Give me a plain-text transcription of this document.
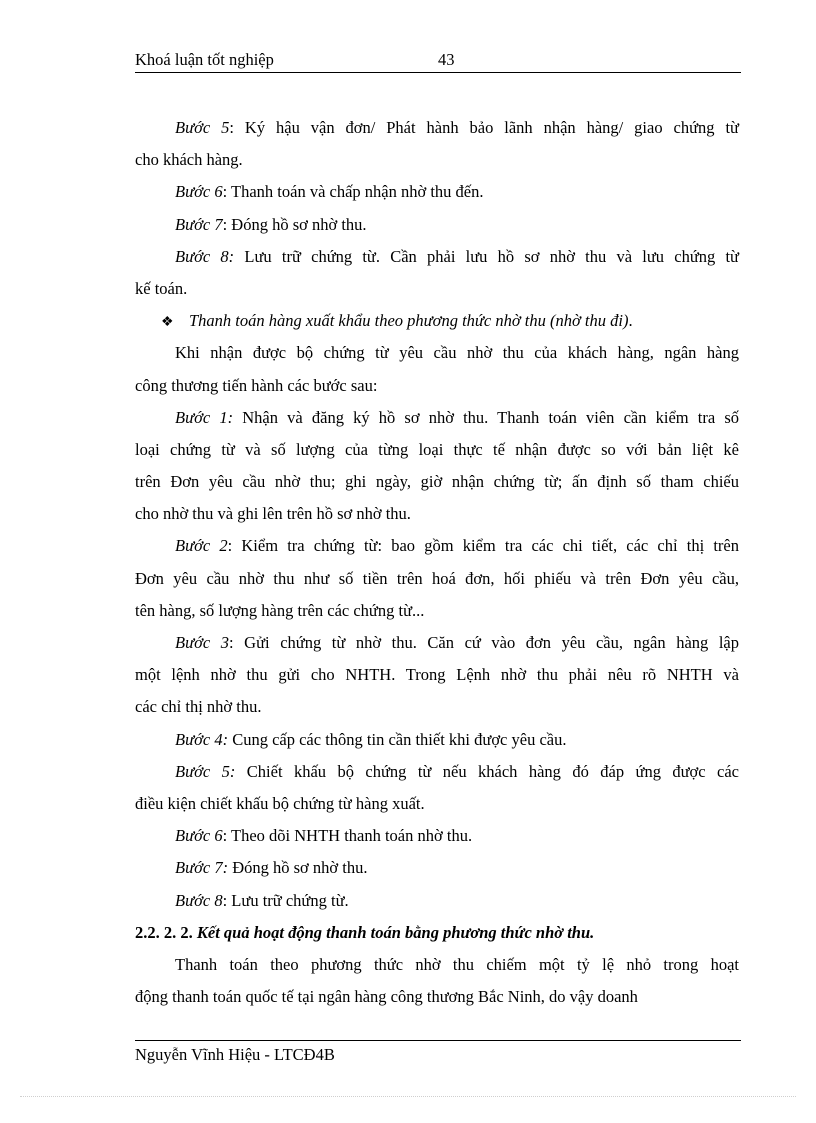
Khoá luận tốt nghiệp	43
Bước 5: Ký hậu vận đơn/ Phát hành bảo lãnh nhận hàng/ giao chứng từ
cho khách hàng.
Bước 6: Thanh toán và chấp nhận nhờ thu đến.
Bước 7: Đóng hồ sơ nhờ thu.
Bước 8: Lưu trữ chứng từ. Cần phải lưu hồ sơ nhờ thu và lưu chứng từ
kế toán.
❖ Thanh toán hàng xuất khẩu theo phương thức nhờ thu (nhờ thu đi).
Khi nhận được bộ chứng từ yêu cầu nhờ thu của khách hàng, ngân hàng
công thương tiến hành các bước sau:
Bước 1: Nhận và đăng ký hồ sơ nhờ thu. Thanh toán viên cần kiểm tra số
loại chứng từ và số lượng của từng loại thực tế nhận được so với bản liệt kê
trên Đơn yêu cầu nhờ thu; ghi ngày, giờ nhận chứng từ; ấn định số tham chiếu
cho nhờ thu và ghi lên trên hồ sơ nhờ thu.
Bước 2: Kiểm tra chứng từ: bao gồm kiểm tra các chi tiết, các chỉ thị trên
Đơn yêu cầu nhờ thu như số tiền trên hoá đơn, hối phiếu và trên Đơn yêu cầu,
tên hàng, số lượng hàng trên các chứng từ...
Bước 3: Gửi chứng từ nhờ thu. Căn cứ vào đơn yêu cầu, ngân hàng lập
một lệnh nhờ thu gửi cho NHTH. Trong Lệnh nhờ thu phải nêu rõ NHTH và
các chỉ thị nhờ thu.
Bước 4: Cung cấp các thông tin cần thiết khi được yêu cầu.
Bước 5: Chiết khấu bộ chứng từ nếu khách hàng đó đáp ứng được các
điều kiện chiết khấu bộ chứng từ hàng xuất.
Bước 6: Theo dõi NHTH thanh toán nhờ thu.
Bước 7: Đóng hồ sơ nhờ thu.
Bước 8: Lưu trữ chứng từ.
2.2. 2. 2. Kết quả hoạt động thanh toán bằng phương thức nhờ thu.
Thanh toán theo phương thức nhờ thu chiếm một tỷ lệ nhỏ trong hoạt
động thanh toán quốc tế tại ngân hàng công thương Bắc Ninh, do vậy doanh
Nguyễn Vĩnh Hiệu - LTCĐ4B
